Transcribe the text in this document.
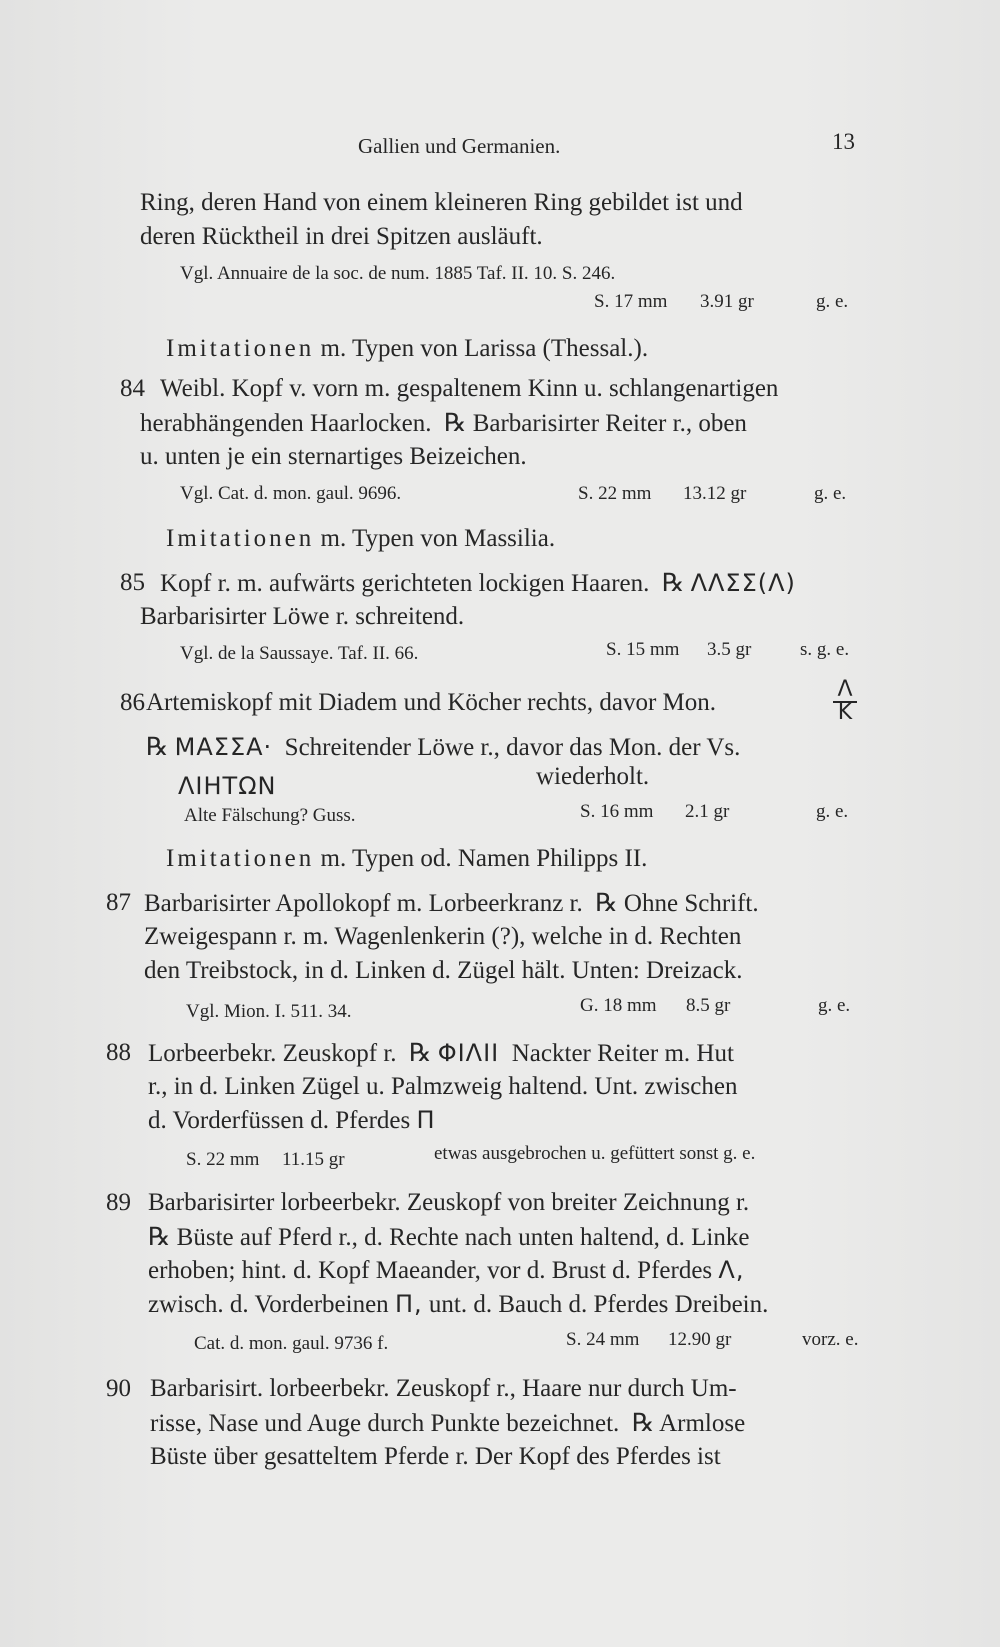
Gallien und Germanien.	13
Ring, deren Hand von einem kleineren Ring gebildet ist und
deren Rücktheil in drei Spitzen ausläuft.
Vgl. Annuaire de la soc. de num. 1885 Taf. II. 10. S. 246.
S. 17 mm 3.91 gr	g. e.
Imitationen m. Typen von Larissa (Thessal.).
84 Weibl. Kopf v. vorn m. gespaltenem Kinn u. schlangenartigen
herabhängenden Haarlocken. ℞ Barbarisirter Reiter r., oben
u. unten je ein sternartiges Beizeichen.
Vgl. Cat. d. mon. gaul. 9696.	S. 22 mm 13.12 gr	g. e.
Imitationen m. Typen von Massilia.
85 Kopf r. m. aufwärts gerichteten lockigen Haaren. ℞ ΛΛΣΣ(Λ)
Barbarisirter Löwe r. schreitend.
Vgl. de la Saussaye. Taf. II. 66.	S. 15 mm 3.5 gr	s. g. e.
86 Artemiskopf mit Diadem und Köcher rechts, davor Mon.	Λ
K
℞ ΜΑΣΣΑ· Schreitender Löwe r., davor das Mon. der Vs.
ΛΙΗΤΩΝ	wiederholt.
Alte Fälschung? Guss.	S. 16 mm 2.1 gr	g. e.
Imitationen m. Typen od. Namen Philipps II.
87 Barbarisirter Apollokopf m. Lorbeerkranz r. ℞ Ohne Schrift.
Zweigespann r. m. Wagenlenkerin (?), welche in d. Rechten
den Treibstock, in d. Linken d. Zügel hält. Unten: Dreizack.
Vgl. Mion. I. 511. 34.	G. 18 mm 8.5 gr	g. e.
88 Lorbeerbekr. Zeuskopf r. ℞ ΦΙΛΙΙ Nackter Reiter m. Hut
r., in d. Linken Zügel u. Palmzweig haltend. Unt. zwischen
d. Vorderfüssen d. Pferdes Π
S. 22 mm 11.15 gr	etwas ausgebrochen u. gefüttert sonst g. e.
89 Barbarisirter lorbeerbekr. Zeuskopf von breiter Zeichnung r.
℞ Büste auf Pferd r., d. Rechte nach unten haltend, d. Linke
erhoben; hint. d. Kopf Maeander, vor d. Brust d. Pferdes Λ,
zwisch. d. Vorderbeinen Π, unt. d. Bauch d. Pferdes Dreibein.
Cat. d. mon. gaul. 9736 f.	S. 24 mm 12.90 gr	vorz. e.
90 Barbarisirt. lorbeerbekr. Zeuskopf r., Haare nur durch Um-
risse, Nase und Auge durch Punkte bezeichnet. ℞ Armlose
Büste über gesatteltem Pferde r. Der Kopf des Pferdes ist
